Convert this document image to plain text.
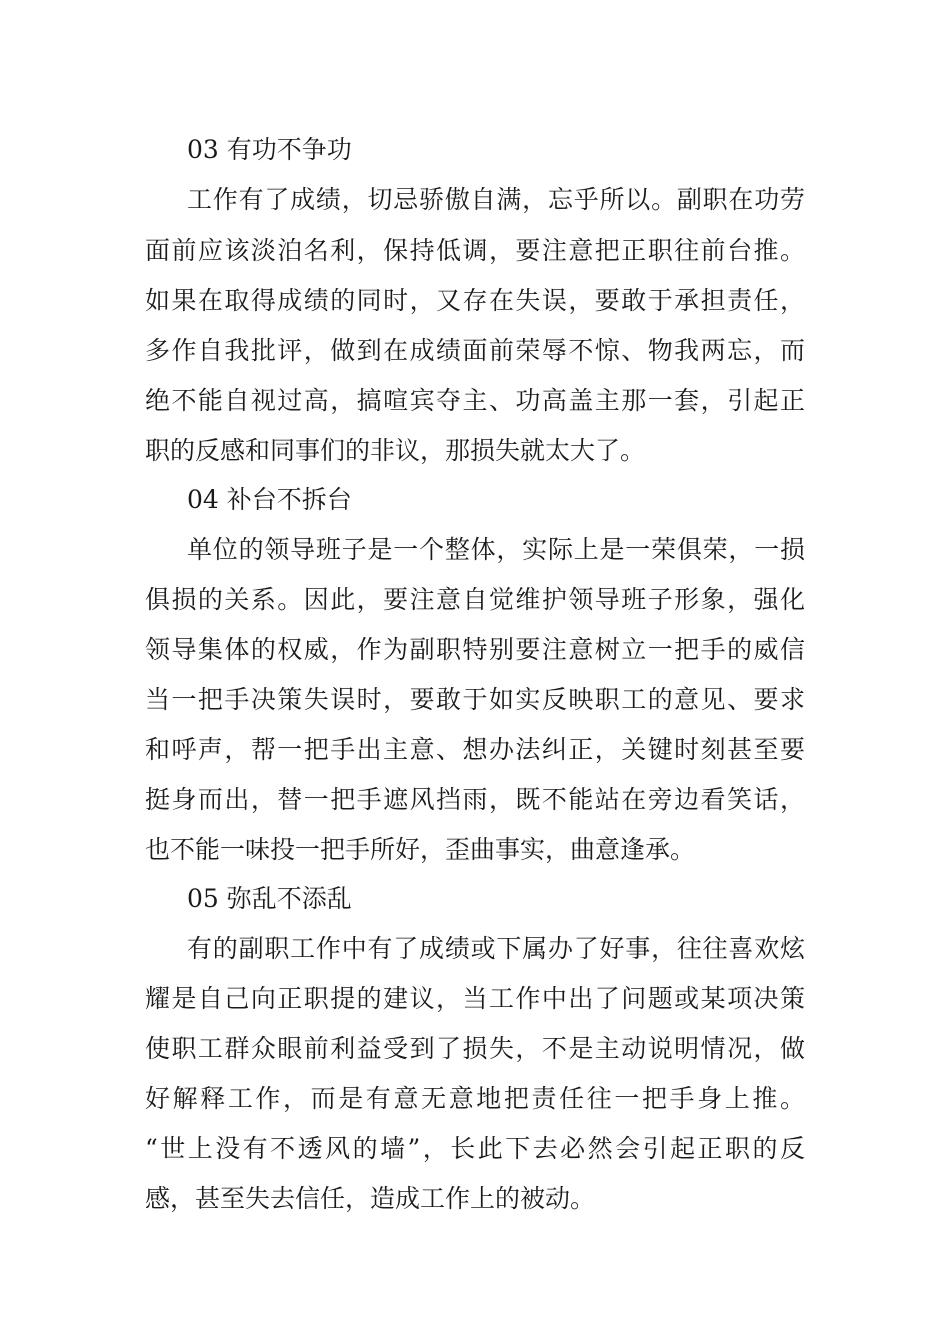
03 有功不争功
工作有了成绩，切忌骄傲自满，忘乎所以。副职在功劳
面前应该淡泊名利，保持低调，要注意把正职往前台推。
如果在取得成绩的同时，又存在失误，要敢于承担责任，
多作自我批评，做到在成绩面前荣辱不惊、物我两忘，而
绝不能自视过高，搞喧宾夺主、功高盖主那一套，引起正
职的反感和同事们的非议，那损失就太大了。
04 补台不拆台
单位的领导班子是一个整体，实际上是一荣俱荣，一损
俱损的关系。因此，要注意自觉维护领导班子形象，强化
领导集体的权威，作为副职特别要注意树立一把手的威信
当一把手决策失误时，要敢于如实反映职工的意见、要求
和呼声，帮一把手出主意、想办法纠正，关键时刻甚至要
挺身而出，替一把手遮风挡雨，既不能站在旁边看笑话，
也不能一味投一把手所好，歪曲事实，曲意逢承。
05 弥乱不添乱
有的副职工作中有了成绩或下属办了好事，往往喜欢炫
耀是自己向正职提的建议，当工作中出了问题或某项决策
使职工群众眼前利益受到了损失，不是主动说明情况，做
好解释工作，而是有意无意地把责任往一把手身上推。
“世上没有不透风的墙”，长此下去必然会引起正职的反
感，甚至失去信任，造成工作上的被动。
